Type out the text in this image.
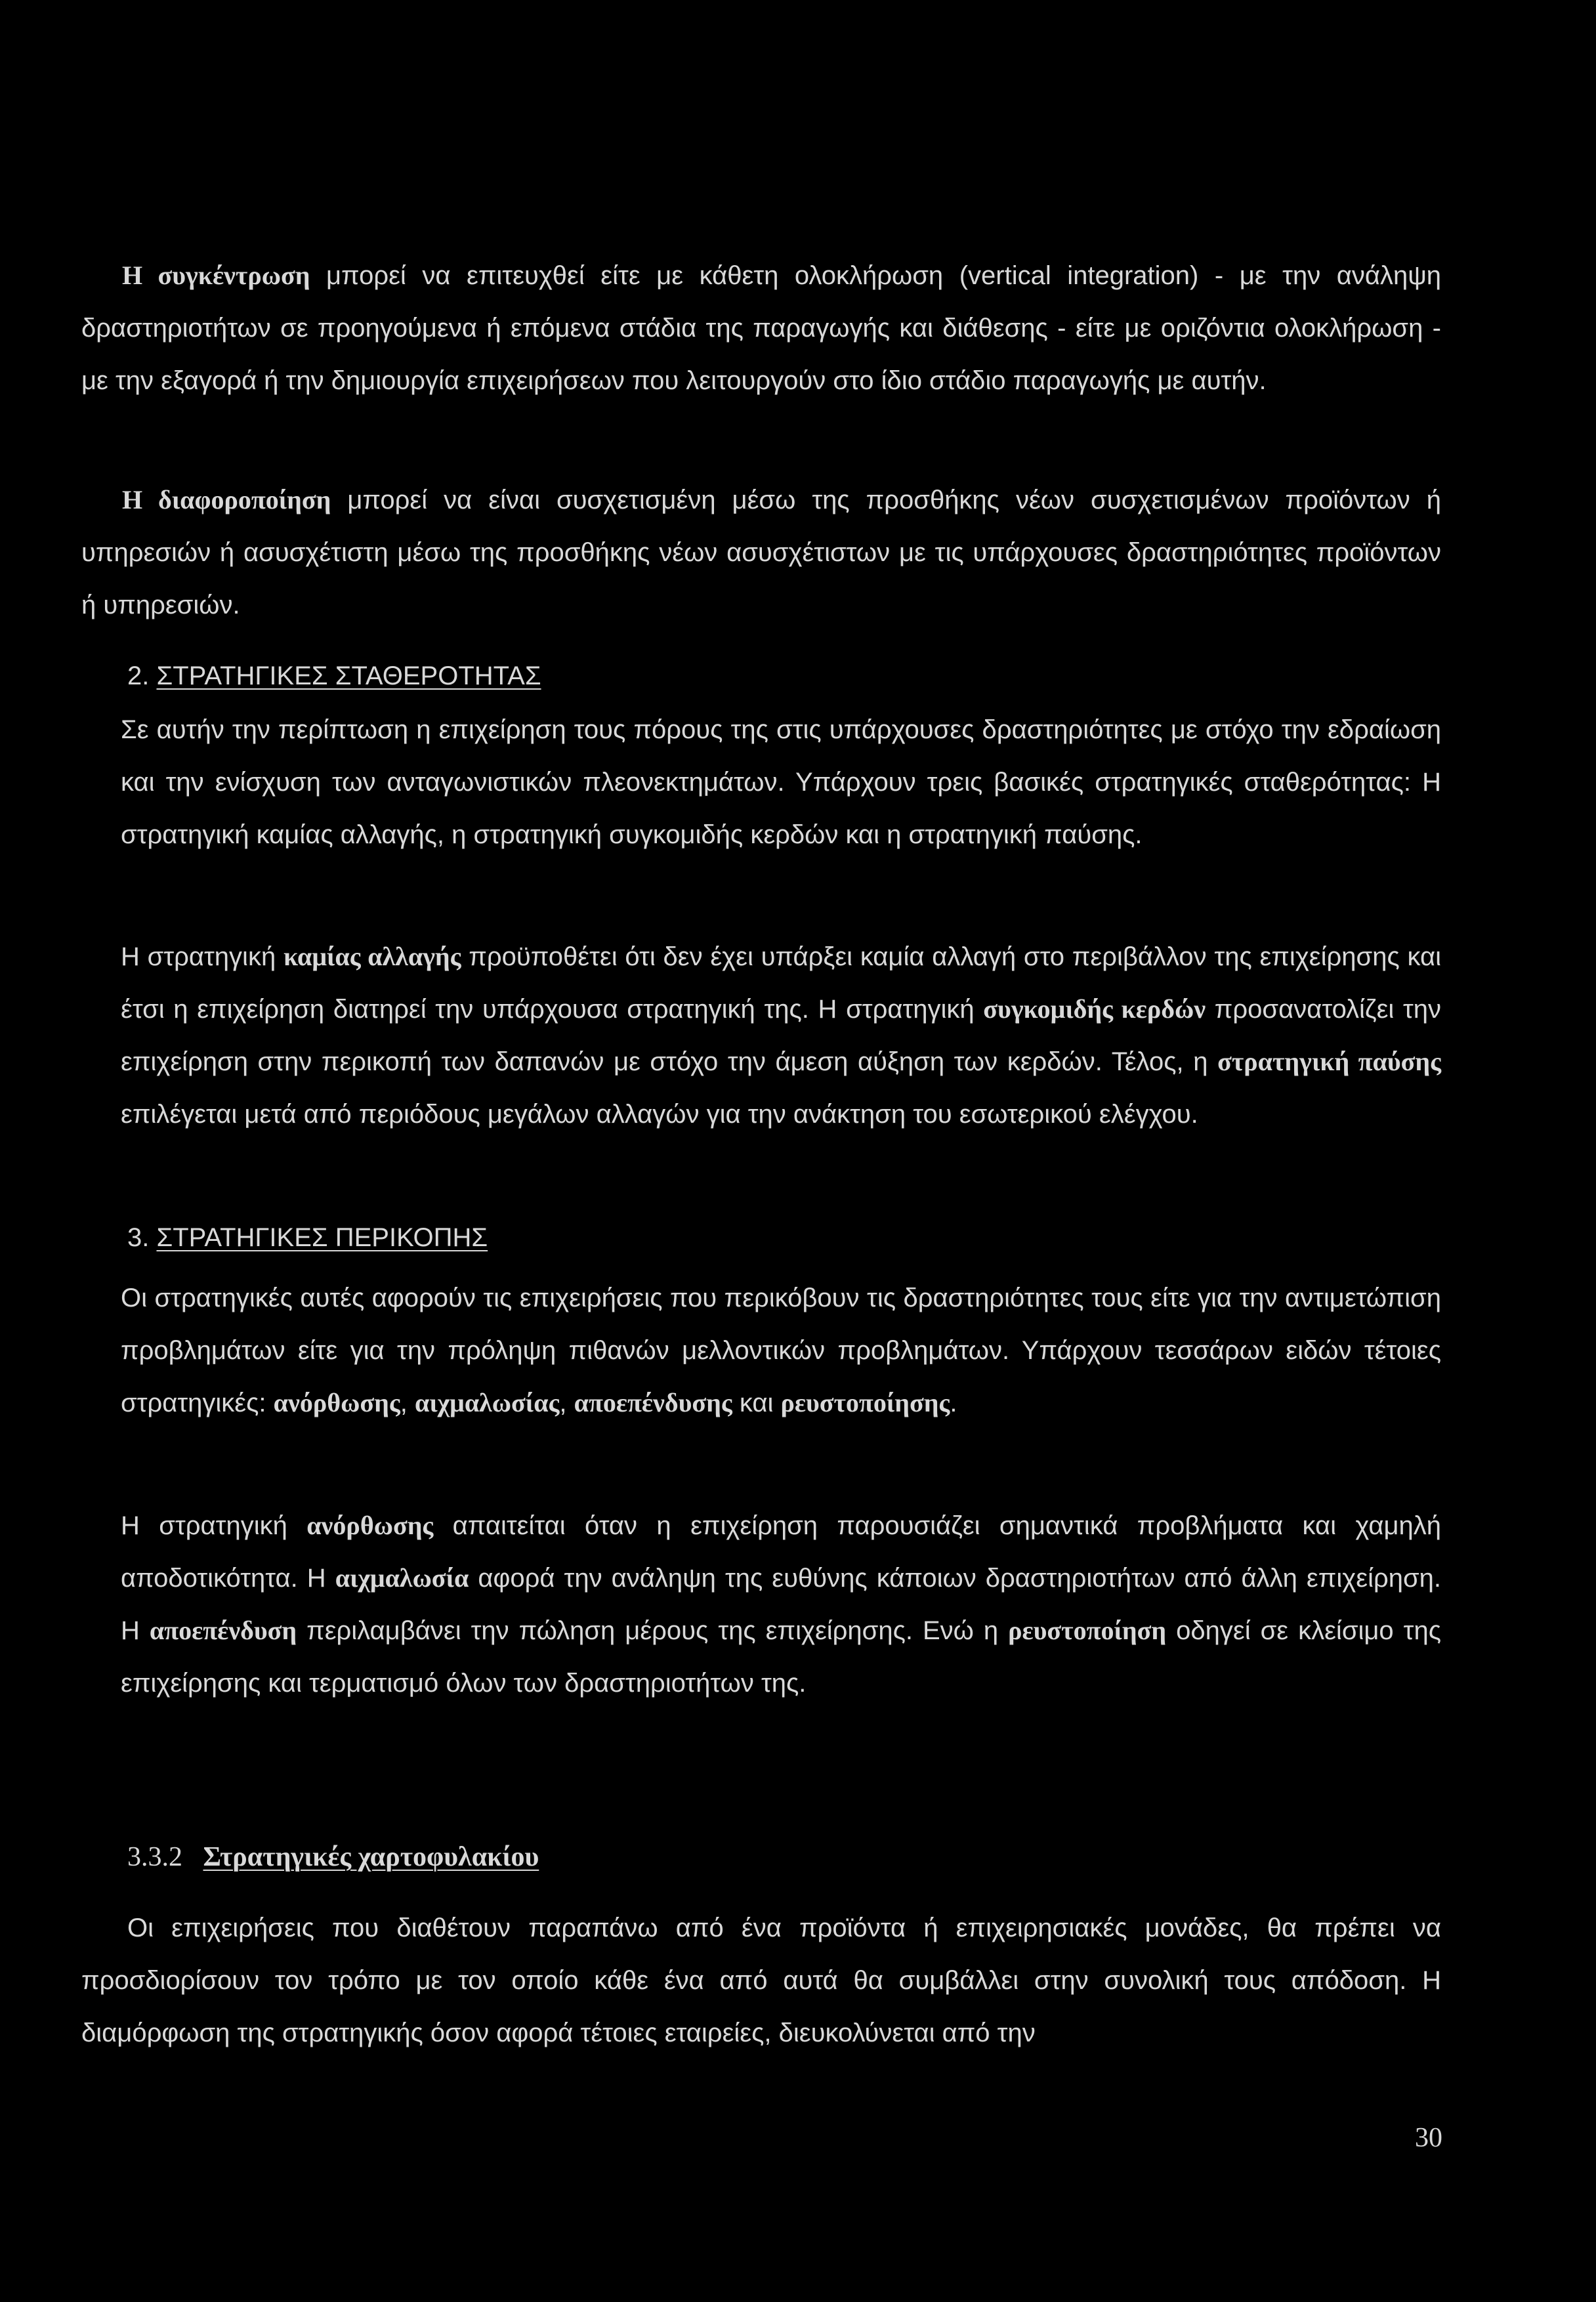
Η συγκέντρωση μπορεί να επιτευχθεί είτε με κάθετη ολοκλήρωση (vertical integration) - με την ανάληψη δραστηριοτήτων σε προηγούμενα ή επόμενα στάδια της παραγωγής και διάθεσης - είτε με οριζόντια ολοκλήρωση - με την εξαγορά ή την δημιουργία επιχειρήσεων που λειτουργούν στο ίδιο στάδιο παραγωγής με αυτήν.

Η διαφοροποίηση μπορεί να είναι συσχετισμένη μέσω της προσθήκης νέων συσχετισμένων προϊόντων ή υπηρεσιών ή ασυσχέτιστη μέσω της προσθήκης νέων ασυσχέτιστων με τις υπάρχουσες δραστηριότητες προϊόντων ή υπηρεσιών.

2. ΣΤΡΑΤΗΓΙΚΕΣ ΣΤΑΘΕΡΟΤΗΤΑΣ

Σε αυτήν την περίπτωση η επιχείρηση τους πόρους της στις υπάρχουσες δραστηριότητες με στόχο την εδραίωση και την ενίσχυση των ανταγωνιστικών πλεονεκτημάτων. Υπάρχουν τρεις βασικές στρατηγικές σταθερότητας: Η στρατηγική καμίας αλλαγής, η στρατηγική συγκομιδής κερδών και η στρατηγική παύσης.

Η στρατηγική καμίας αλλαγής προϋποθέτει ότι δεν έχει υπάρξει καμία αλλαγή στο περιβάλλον της επιχείρησης και έτσι η επιχείρηση διατηρεί την υπάρχουσα στρατηγική της. Η στρατηγική συγκομιδής κερδών προσανατολίζει την επιχείρηση στην περικοπή των δαπανών με στόχο την άμεση αύξηση των κερδών. Τέλος, η στρατηγική παύσης επιλέγεται μετά από περιόδους μεγάλων αλλαγών για την ανάκτηση του εσωτερικού ελέγχου.

3. ΣΤΡΑΤΗΓΙΚΕΣ ΠΕΡΙΚΟΠΗΣ

Οι στρατηγικές αυτές αφορούν τις επιχειρήσεις που περικόβουν τις δραστηριότητες τους είτε για την αντιμετώπιση προβλημάτων είτε για την πρόληψη πιθανών μελλοντικών προβλημάτων. Υπάρχουν τεσσάρων ειδών τέτοιες στρατηγικές: ανόρθωσης, αιχμαλωσίας, αποεπένδυσης και ρευστοποίησης.

Η στρατηγική ανόρθωσης απαιτείται όταν η επιχείρηση παρουσιάζει σημαντικά προβλήματα και χαμηλή αποδοτικότητα. Η αιχμαλωσία αφορά την ανάληψη της ευθύνης κάποιων δραστηριοτήτων από άλλη επιχείρηση. Η αποεπένδυση περιλαμβάνει την πώληση μέρους της επιχείρησης. Ενώ η ρευστοποίηση οδηγεί σε κλείσιμο της επιχείρησης και τερματισμό όλων των δραστηριοτήτων της.

3.3.2 Στρατηγικές χαρτοφυλακίου

Οι επιχειρήσεις που διαθέτουν παραπάνω από ένα προϊόντα ή επιχειρησιακές μονάδες, θα πρέπει να προσδιορίσουν τον τρόπο με τον οποίο κάθε ένα από αυτά θα συμβάλλει στην συνολική τους απόδοση. Η διαμόρφωση της στρατηγικής όσον αφορά τέτοιες εταιρείες, διευκολύνεται από την

30
